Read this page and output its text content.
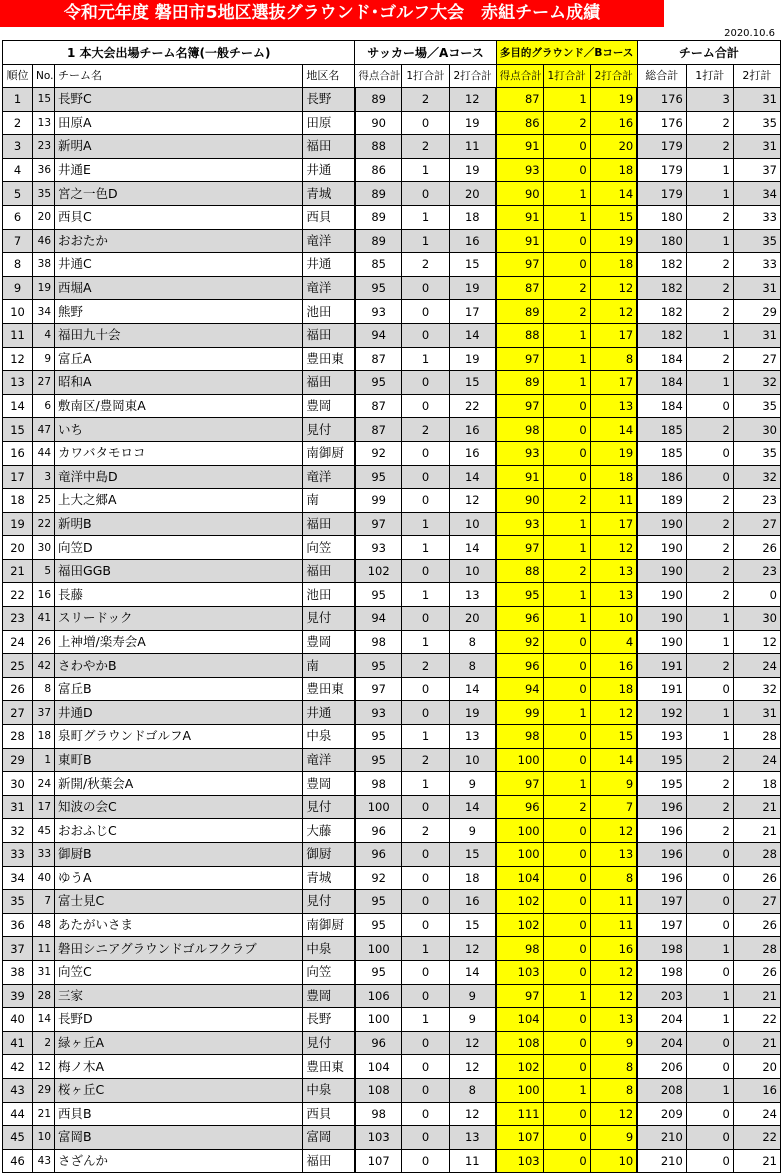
令和元年度 磐田市5地区選抜グラウンド･ゴルフ大会　赤組チーム成績
2020.10.6
1 本大会出場チーム名簿(一般チーム)				サッカー場／Aコース			多目的グラウンド／Bコース			チーム合計		
順位	No.	チーム名	地区名	得点合計	1打合計	2打合計	得点合計	1打合計	2打合計	総合計	1打計	2打計
1	15	長野C	長野	89	2	12	87	1	19	176	3	31
2	13	田原A	田原	90	0	19	86	2	16	176	2	35
3	23	新明A	福田	88	2	11	91	0	20	179	2	31
4	36	井通E	井通	86	1	19	93	0	18	179	1	37
5	35	宮之一色D	青城	89	0	20	90	1	14	179	1	34
6	20	西貝C	西貝	89	1	18	91	1	15	180	2	33
7	46	おおたか	竜洋	89	1	16	91	0	19	180	1	35
8	38	井通C	井通	85	2	15	97	0	18	182	2	33
9	19	西堀A	竜洋	95	0	19	87	2	12	182	2	31
10	34	熊野	池田	93	0	17	89	2	12	182	2	29
11	4	福田九十会	福田	94	0	14	88	1	17	182	1	31
12	9	富丘A	豊田東	87	1	19	97	1	8	184	2	27
13	27	昭和A	福田	95	0	15	89	1	17	184	1	32
14	6	敷南区/豊岡東A	豊岡	87	0	22	97	0	13	184	0	35
15	47	いち	見付	87	2	16	98	0	14	185	2	30
16	44	カワバタモロコ	南御厨	92	0	16	93	0	19	185	0	35
17	3	竜洋中島D	竜洋	95	0	14	91	0	18	186	0	32
18	25	上大之郷A	南	99	0	12	90	2	11	189	2	23
19	22	新明B	福田	97	1	10	93	1	17	190	2	27
20	30	向笠D	向笠	93	1	14	97	1	12	190	2	26
21	5	福田GGB	福田	102	0	10	88	2	13	190	2	23
22	16	長藤	池田	95	1	13	95	1	13	190	2	0
23	41	スリードック	見付	94	0	20	96	1	10	190	1	30
24	26	上神増/楽寿会A	豊岡	98	1	8	92	0	4	190	1	12
25	42	さわやかB	南	95	2	8	96	0	16	191	2	24
26	8	富丘B	豊田東	97	0	14	94	0	18	191	0	32
27	37	井通D	井通	93	0	19	99	1	12	192	1	31
28	18	泉町グラウンドゴルフA	中泉	95	1	13	98	0	15	193	1	28
29	1	東町B	竜洋	95	2	10	100	0	14	195	2	24
30	24	新開/秋葉会A	豊岡	98	1	9	97	1	9	195	2	18
31	17	知波の会C	見付	100	0	14	96	2	7	196	2	21
32	45	おおふじC	大藤	96	2	9	100	0	12	196	2	21
33	33	御厨B	御厨	96	0	15	100	0	13	196	0	28
34	40	ゆうA	青城	92	0	18	104	0	8	196	0	26
35	7	富士見C	見付	95	0	16	102	0	11	197	0	27
36	48	あたがいさま	南御厨	95	0	15	102	0	11	197	0	26
37	11	磐田シニアグラウンドゴルフクラブ	中泉	100	1	12	98	0	16	198	1	28
38	31	向笠C	向笠	95	0	14	103	0	12	198	0	26
39	28	三家	豊岡	106	0	9	97	1	12	203	1	21
40	14	長野D	長野	100	1	9	104	0	13	204	1	22
41	2	緑ヶ丘A	見付	96	0	12	108	0	9	204	0	21
42	12	梅ノ木A	豊田東	104	0	12	102	0	8	206	0	20
43	29	桜ヶ丘C	中泉	108	0	8	100	1	8	208	1	16
44	21	西貝B	西貝	98	0	12	111	0	12	209	0	24
45	10	富岡B	富岡	103	0	13	107	0	9	210	0	22
46	43	さざんか	福田	107	0	11	103	0	10	210	0	21
